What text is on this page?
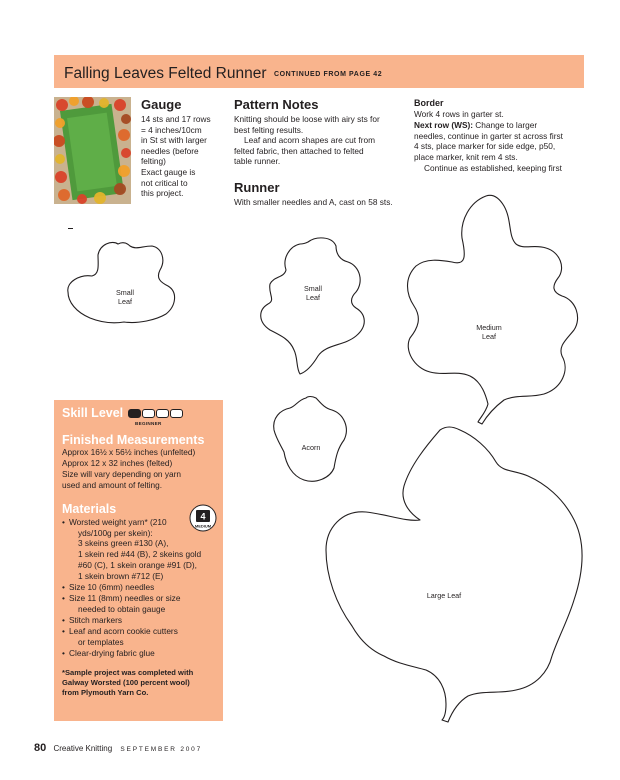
Falling Leaves Felted Runner CONTINUED FROM PAGE 42
Gauge
14 sts and 17 rows
= 4 inches/10cm
in St st with larger
needles (before
felting)
Exact gauge is
not critical to
this project.
Pattern Notes
Knitting should be loose with airy sts for
best felting results.
Leaf and acorn shapes are cut from
felted fabric, then attached to felted
table runner.
Runner
With smaller needles and A, cast on 58 sts.
Border
Work 4 rows in garter st.
Next row (WS): Change to larger
needles, continue in garter st across first
4 sts, place marker for side edge, p50,
place marker, knit rem 4 sts.
Continue as established, keeping first
Small
Leaf
Small
Leaf
Medium
Leaf
Acorn
Large Leaf
Skill Level
BEGINNER
Finished Measurements
Approx 16½ x 56½ inches (unfelted)
Approx 12 x 32 inches (felted)
Size will vary depending on yarn
used and amount of felting.
4
MEDIUM
Materials
• Worsted weight yarn* (210
yds/100g per skein):
3 skeins green #130 (A),
1 skein red #44 (B), 2 skeins gold
#60 (C), 1 skein orange #91 (D),
1 skein brown #712 (E)
• Size 10 (6mm) needles
• Size 11 (8mm) needles or size
needed to obtain gauge
• Stitch markers
• Leaf and acorn cookie cutters
or templates
• Clear-drying fabric glue
*Sample project was completed with
Galway Worsted (100 percent wool)
from Plymouth Yarn Co.
80 Creative Knitting SEPTEMBER 2007
